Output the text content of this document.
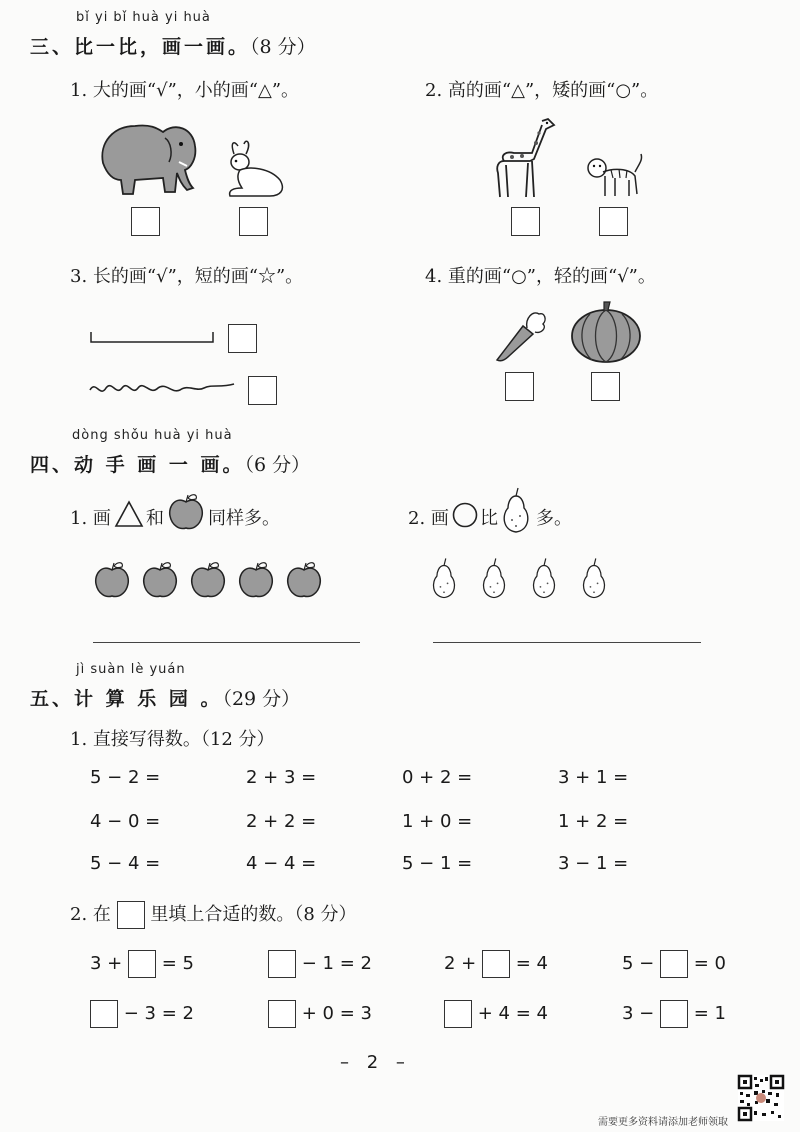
bǐ yi bǐ huà yi huà
三、比一比，画一画。（8 分）
1. 大的画“√”，小的画“△”。	2. 高的画“△”，矮的画“○”。
3. 长的画“√”，短的画“☆”。	4. 重的画“○”，轻的画“√”。
dòng shǒu huà yi huà
四、动 手 画 一 画。（6 分）
1. 画 和 同样多。	2. 画 比 多。
jì suàn lè yuán
五、计 算 乐 园 。（29 分）
1. 直接写得数。（12 分）
5 − 2 =	2 + 3 =	0 + 2 =	3 + 1 =
4 − 0 =	2 + 2 =	1 + 0 =	1 + 2 =
5 − 4 =	4 − 4 =	5 − 1 =	3 − 1 =
2. 在 里填上合适的数。（8 分）
3 + = 5	− 1 = 2	2 + = 4	5 − = 0
− 3 = 2	+ 0 = 3	+ 4 = 4	3 − = 1
– 2 –
需要更多资料请添加老师领取
